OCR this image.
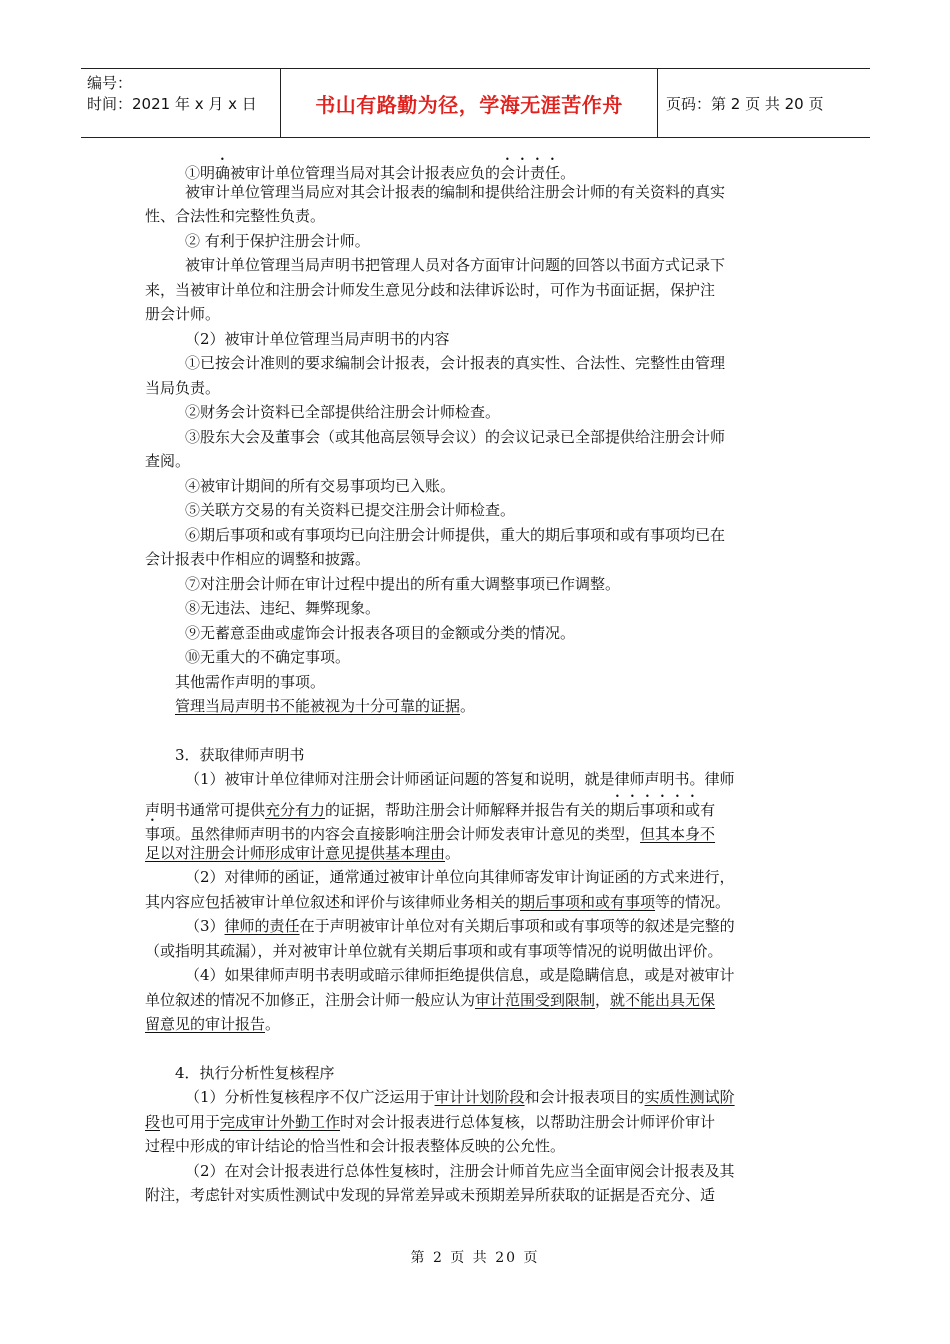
编号：
时间：2021 年 x 月 x 日	书山有路勤为径，学海无涯苦作舟	页码：第 2 页 共 20 页
①明确被审计单位管理当局对其会计报表应负的会计责任。
被审计单位管理当局应对其会计报表的编制和提供给注册会计师的有关资料的真实
性、合法性和完整性负责。
② 有利于保护注册会计师。
被审计单位管理当局声明书把管理人员对各方面审计问题的回答以书面方式记录下
来，当被审计单位和注册会计师发生意见分歧和法律诉讼时，可作为书面证据，保护注
册会计师。
（2）被审计单位管理当局声明书的内容
①已按会计准则的要求编制会计报表，会计报表的真实性、合法性、完整性由管理
当局负责。
②财务会计资料已全部提供给注册会计师检查。
③股东大会及董事会（或其他高层领导会议）的会议记录已全部提供给注册会计师
查阅。
④被审计期间的所有交易事项均已入账。
⑤关联方交易的有关资料已提交注册会计师检查。
⑥期后事项和或有事项均已向注册会计师提供，重大的期后事项和或有事项均已在
会计报表中作相应的调整和披露。
⑦对注册会计师在审计过程中提出的所有重大调整事项已作调整。
⑧无违法、违纪、舞弊现象。
⑨无蓄意歪曲或虚饰会计报表各项目的金额或分类的情况。
⑩无重大的不确定事项。
其他需作声明的事项。
管理当局声明书不能被视为十分可靠的证据。
3．获取律师声明书
（1）被审计单位律师对注册会计师函证问题的答复和说明，就是律师声明书。律师
声明书通常可提供充分有力的证据，帮助注册会计师解释并报告有关的期后事项和或有
事项。虽然律师声明书的内容会直接影响注册会计师发表审计意见的类型，但其本身不
足以对注册会计师形成审计意见提供基本理由。
（2）对律师的函证，通常通过被审计单位向其律师寄发审计询证函的方式来进行，
其内容应包括被审计单位叙述和评价与该律师业务相关的期后事项和或有事项等的情况。
（3）律师的责任在于声明被审计单位对有关期后事项和或有事项等的叙述是完整的
（或指明其疏漏），并对被审计单位就有关期后事项和或有事项等情况的说明做出评价。
（4）如果律师声明书表明或暗示律师拒绝提供信息，或是隐瞒信息，或是对被审计
单位叙述的情况不加修正，注册会计师一般应认为审计范围受到限制，就不能出具无保
留意见的审计报告。
4．执行分析性复核程序
（1）分析性复核程序不仅广泛运用于审计计划阶段和会计报表项目的实质性测试阶
段也可用于完成审计外勤工作时对会计报表进行总体复核，以帮助注册会计师评价审计
过程中形成的审计结论的恰当性和会计报表整体反映的公允性。
（2）在对会计报表进行总体性复核时，注册会计师首先应当全面审阅会计报表及其
附注，考虑针对实质性测试中发现的异常差异或未预期差异所获取的证据是否充分、适
第 2 页 共 20 页
